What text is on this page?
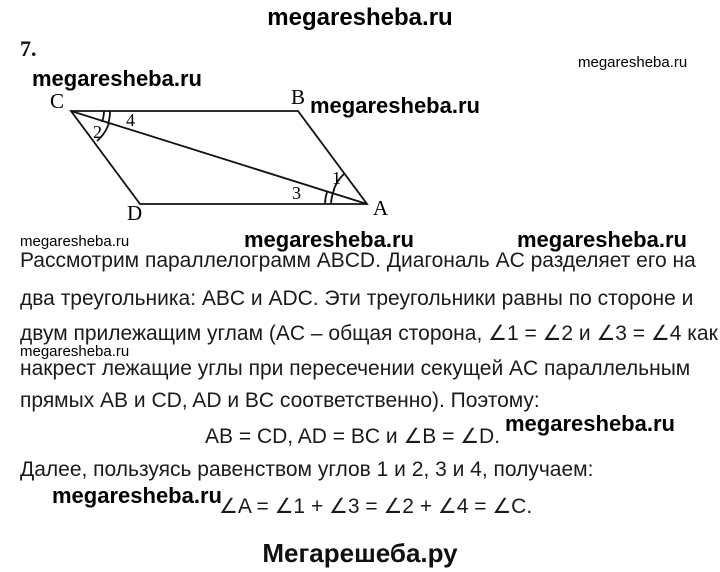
megaresheba.ru
7.
megaresheba.ru
megaresheba.ru
C	B
A
D
1
2
3
4
megaresheba.ru
megaresheba.ru	megaresheba.ru	megaresheba.ru
Рассмотрим параллелограмм ABCD. Диагональ AC разделяет его на
два треугольника: ABC и ADC. Эти треугольники равны по стороне и
двум прилежащим углам (AC – общая сторона, ∠1 = ∠2 и ∠3 = ∠4 как
megaresheba.ru
накрест лежащие углы при пересечении секущей AC параллельным
прямых AB и CD, AD и BC соответственно). Поэтому:
AB = CD, AD = BC и ∠B = ∠D.
megaresheba.ru
Далее, пользуясь равенством углов 1 и 2, 3 и 4, получаем:
megaresheba.ru
∠A = ∠1 + ∠3 = ∠2 + ∠4 = ∠C.
Мегарешеба.ру
